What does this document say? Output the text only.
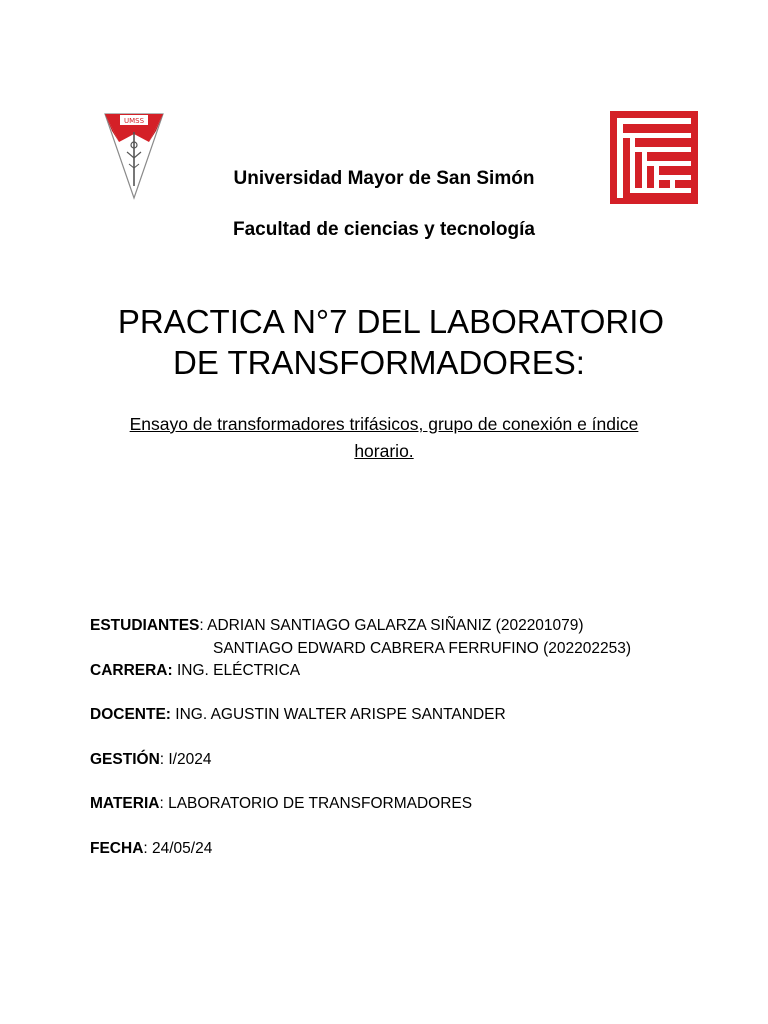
UMSS
Universidad Mayor de San Simón
Facultad de ciencias y tecnología
PRACTICA N°7 DEL LABORATORIO
DE TRANSFORMADORES:
Ensayo de transformadores trifásicos, grupo de conexión e índice
horario.
ESTUDIANTES: ADRIAN SANTIAGO GALARZA SIÑANIZ (202201079)
SANTIAGO EDWARD CABRERA FERRUFINO (202202253)
CARRERA: ING. ELÉCTRICA
DOCENTE: ING. AGUSTIN WALTER ARISPE SANTANDER
GESTIÓN: I/2024
MATERIA: LABORATORIO DE TRANSFORMADORES
FECHA: 24/05/24
